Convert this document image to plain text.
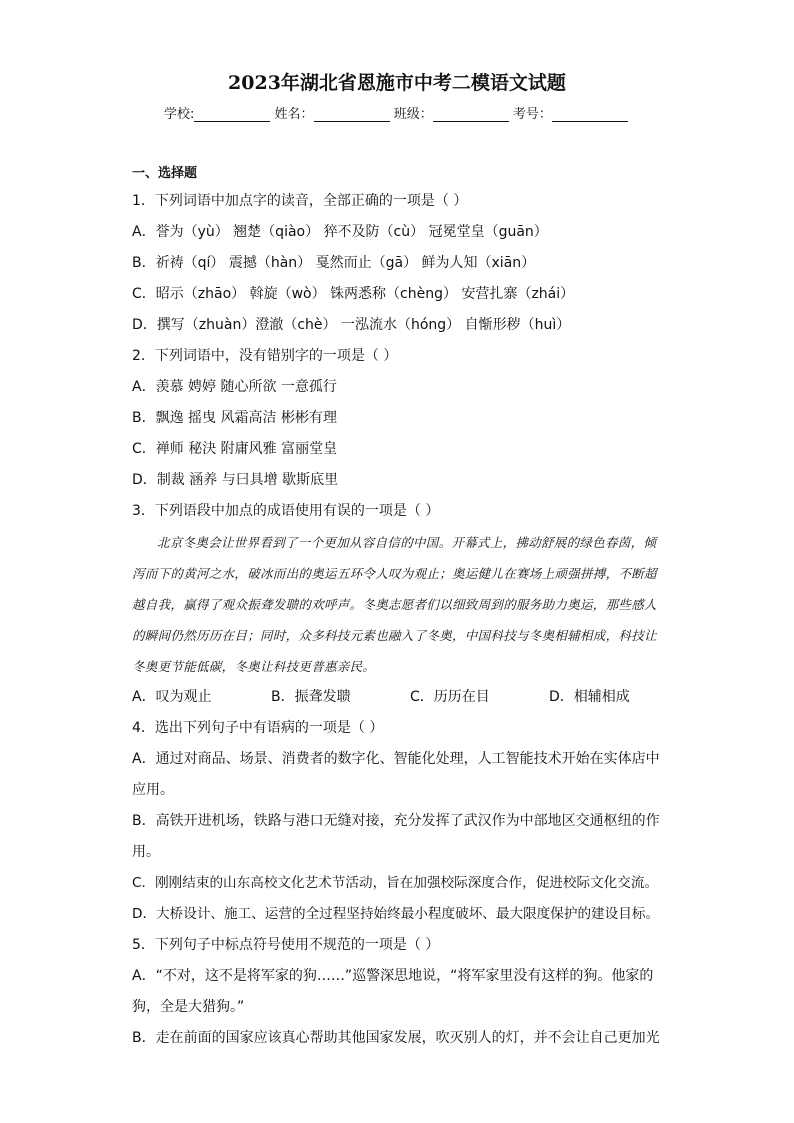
2023年湖北省恩施市中考二模语文试题
学校:	姓名：	班级：	考号：
一、选择题
1．下列词语中加点字的读音，全部正确的一项是（ ）
A．誉为（yù） 翘楚（qiào） 猝不及防（cù） 冠冕堂皇（guān）
B．祈祷（qí） 震撼（hàn） 戛然而止（gā） 鲜为人知（xiān）
C．昭示（zhāo） 斡旋（wò） 铢两悉称（chèng） 安营扎寨（zhái）
D．撰写（zhuàn）澄澈（chè） 一泓流水（hóng） 自惭形秽（huì）
2．下列词语中，没有错别字的一项是（ ）
A．羡慕 娉婷 随心所欲 一意孤行
B．飘逸 摇曳 风霜高洁 彬彬有理
C．禅师 秘決 附庸风雅 富丽堂皇
D．制裁 涵养 与曰具增 歇斯底里
3．下列语段中加点的成语使用有误的一项是（ ）
北京冬奥会让世界看到了一个更加从容自信的中国。开幕式上，拂动舒展的绿色春茵，倾泻而下的黄河之水，破冰而出的奥运五环令人叹为观止；奥运健儿在赛场上顽强拼搏，不断超越自我，赢得了观众振聋发聩的欢呼声。冬奥志愿者们以细致周到的服务助力奥运，那些感人的瞬间仍然历历在目；同时，众多科技元素也融入了冬奥，中国科技与冬奥相辅相成，科技让冬奥更节能低碳，冬奥让科技更普惠亲民。
A．叹为观止	B．振聋发聩	C．历历在目	D．相辅相成
4．选出下列句子中有语病的一项是（ ）
A．通过对商品、场景、消费者的数字化、智能化处理，人工智能技术开始在实体店中应用。
B．高铁开进机场，铁路与港口无缝对接，充分发挥了武汉作为中部地区交通枢纽的作用。
C．刚刚结束的山东高校文化艺术节活动，旨在加强校际深度合作，促进校际文化交流。
D．大桥设计、施工、运营的全过程坚持始终最小程度破坏、最大限度保护的建设目标。
5．下列句子中标点符号使用不规范的一项是（ ）
A．“不对，这不是将军家的狗……”巡警深思地说，“将军家里没有这样的狗。他家的狗，全是大猎狗。”
B．走在前面的国家应该真心帮助其他国家发展，吹灭别人的灯，并不会让自己更加光
